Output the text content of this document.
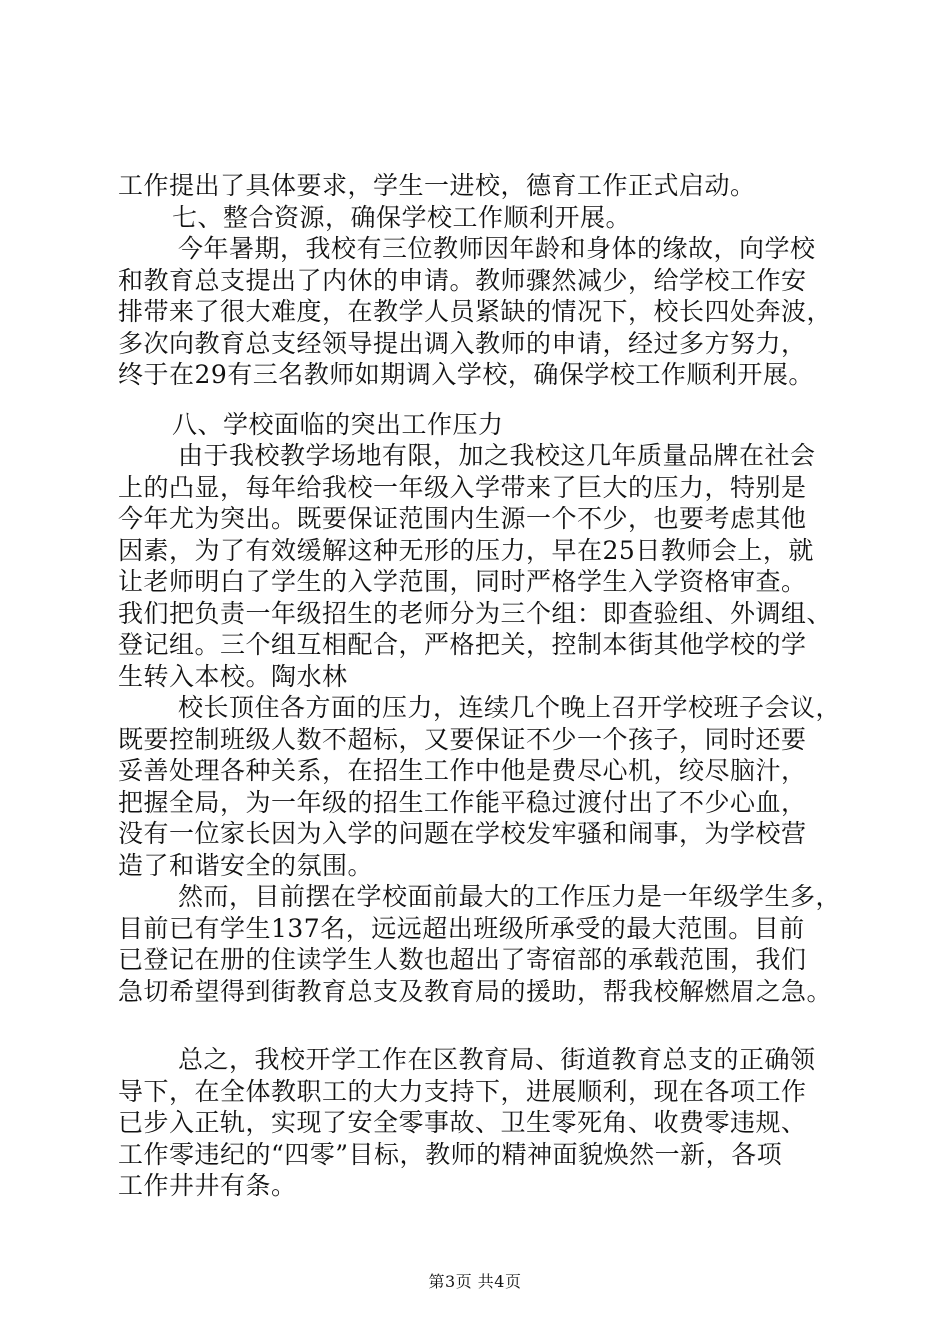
工作提出了具体要求，学生一进校，德育工作正式启动。
七、整合资源，确保学校工作顺利开展。
今年暑期，我校有三位教师因年龄和身体的缘故，向学校
和教育总支提出了内休的申请。教师骤然减少，给学校工作安
排带来了很大难度，在教学人员紧缺的情况下，校长四处奔波，
多次向教育总支经领导提出调入教师的申请，经过多方努力，
终于在29有三名教师如期调入学校，确保学校工作顺利开展。
八、学校面临的突出工作压力
由于我校教学场地有限，加之我校这几年质量品牌在社会
上的凸显，每年给我校一年级入学带来了巨大的压力，特别是
今年尤为突出。既要保证范围内生源一个不少，也要考虑其他
因素，为了有效缓解这种无形的压力，早在25日教师会上，就
让老师明白了学生的入学范围，同时严格学生入学资格审查。
我们把负责一年级招生的老师分为三个组：即查验组、外调组、
登记组。三个组互相配合，严格把关，控制本街其他学校的学
生转入本校。陶水林
校长顶住各方面的压力，连续几个晚上召开学校班子会议，
既要控制班级人数不超标，又要保证不少一个孩子，同时还要
妥善处理各种关系，在招生工作中他是费尽心机，绞尽脑汁，
把握全局，为一年级的招生工作能平稳过渡付出了不少心血，
没有一位家长因为入学的问题在学校发牢骚和闹事，为学校营
造了和谐安全的氛围。
然而，目前摆在学校面前最大的工作压力是一年级学生多，
目前已有学生137名，远远超出班级所承受的最大范围。目前
已登记在册的住读学生人数也超出了寄宿部的承载范围，我们
急切希望得到街教育总支及教育局的援助，帮我校解燃眉之急。
总之，我校开学工作在区教育局、街道教育总支的正确领
导下，在全体教职工的大力支持下，进展顺利，现在各项工作
已步入正轨，实现了安全零事故、卫生零死角、收费零违规、
工作零违纪的“四零”目标，教师的精神面貌焕然一新，各项
工作井井有条。
第3页 共4页
